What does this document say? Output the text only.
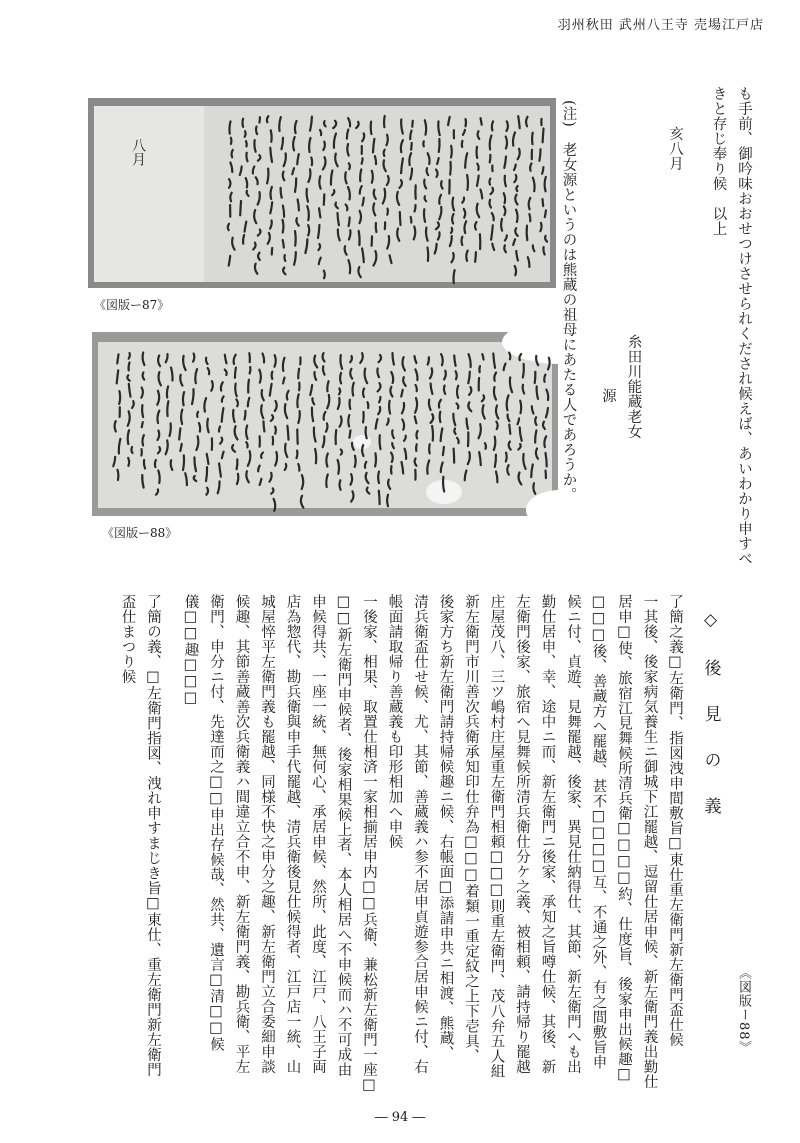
羽州秋田 武州八王寺 売場江戸店
八月
《図版ー87》
《図版ー88》	も手前、御吟味おおせつけさせられくだされ候えば、あいわかり申すべ
きと存じ奉り候　以上
亥八月
糸田川能蔵老女
源
(注)　老女源というのは熊蔵の祖母にあたる人であろうか。
《図版ー88》
◇　後　見　の　義
了簡之義□左衛門、指図洩申間敷旨□東仕重左衛門新左衛門盃仕候
一其後、後家病気養生ニ御城下江罷越、逗留仕居申候、新左衛門義出勤仕
居申□使、旅宿江見舞候所清兵衛□□□□約、仕度旨、後家申出候趣□
□□□後、善蔵方へ罷越、甚不□□□□互、不通之外、有之間敷旨申
候ニ付、貞遊、見舞罷越、後家、異見仕納得仕、其節、新左衛門へも出
勤仕居申、幸、途中ニ而、新左衛門ニ後家、承知之旨噂仕候、其後、新
左衛門後家、旅宿へ見舞候所清兵衛仕分ケ之義、被相頼、請持帰り罷越
庄屋茂八、三ツ嶋村庄屋重左衛門相頼□□□則重左衛門、茂八弁五人組
新左衛門市川善次兵衛承知印仕弁為□□□着類一重定紋之上下壱具、
後家方ち新左衛門請持帰候趣ニ候、右帳面□添請申共ニ相渡、熊蔵、
清兵衛盃仕せ候、尤、其節、善蔵義ハ参不居申貞遊参合居申候ニ付、右
帳面請取帰り善蔵義も印形相加へ申候
一後家、相果、取置仕相済一家相揃居申内□□兵衛、兼松新左衛門一座□
□□新左衛門申候者、後家相果候上者、本人相居へ不申候而ハ不可成由
申候得共、一座一統、無何心、承居申候、然所、此度、江戸、八王子両
店為惣代、勘兵衛與申手代罷越、清兵衛後見仕候得者、江戸店一統、山
城屋悴平左衛門義も罷越、同様不快之申分之趣、新左衛門立合委細申談
候趣、其節善蔵善次兵衛義ハ間違立合不申、新左衛門義、勘兵衛、平左
衛門、申分ニ付、先達而之□□申出存候哉、然共、遺言□清□□候
儀□□趣□□□
了簡の義、□左衛門指図、洩れ申すまじき旨□東仕、重左衛門新左衛門
盃仕まつり候
― 94 ―
